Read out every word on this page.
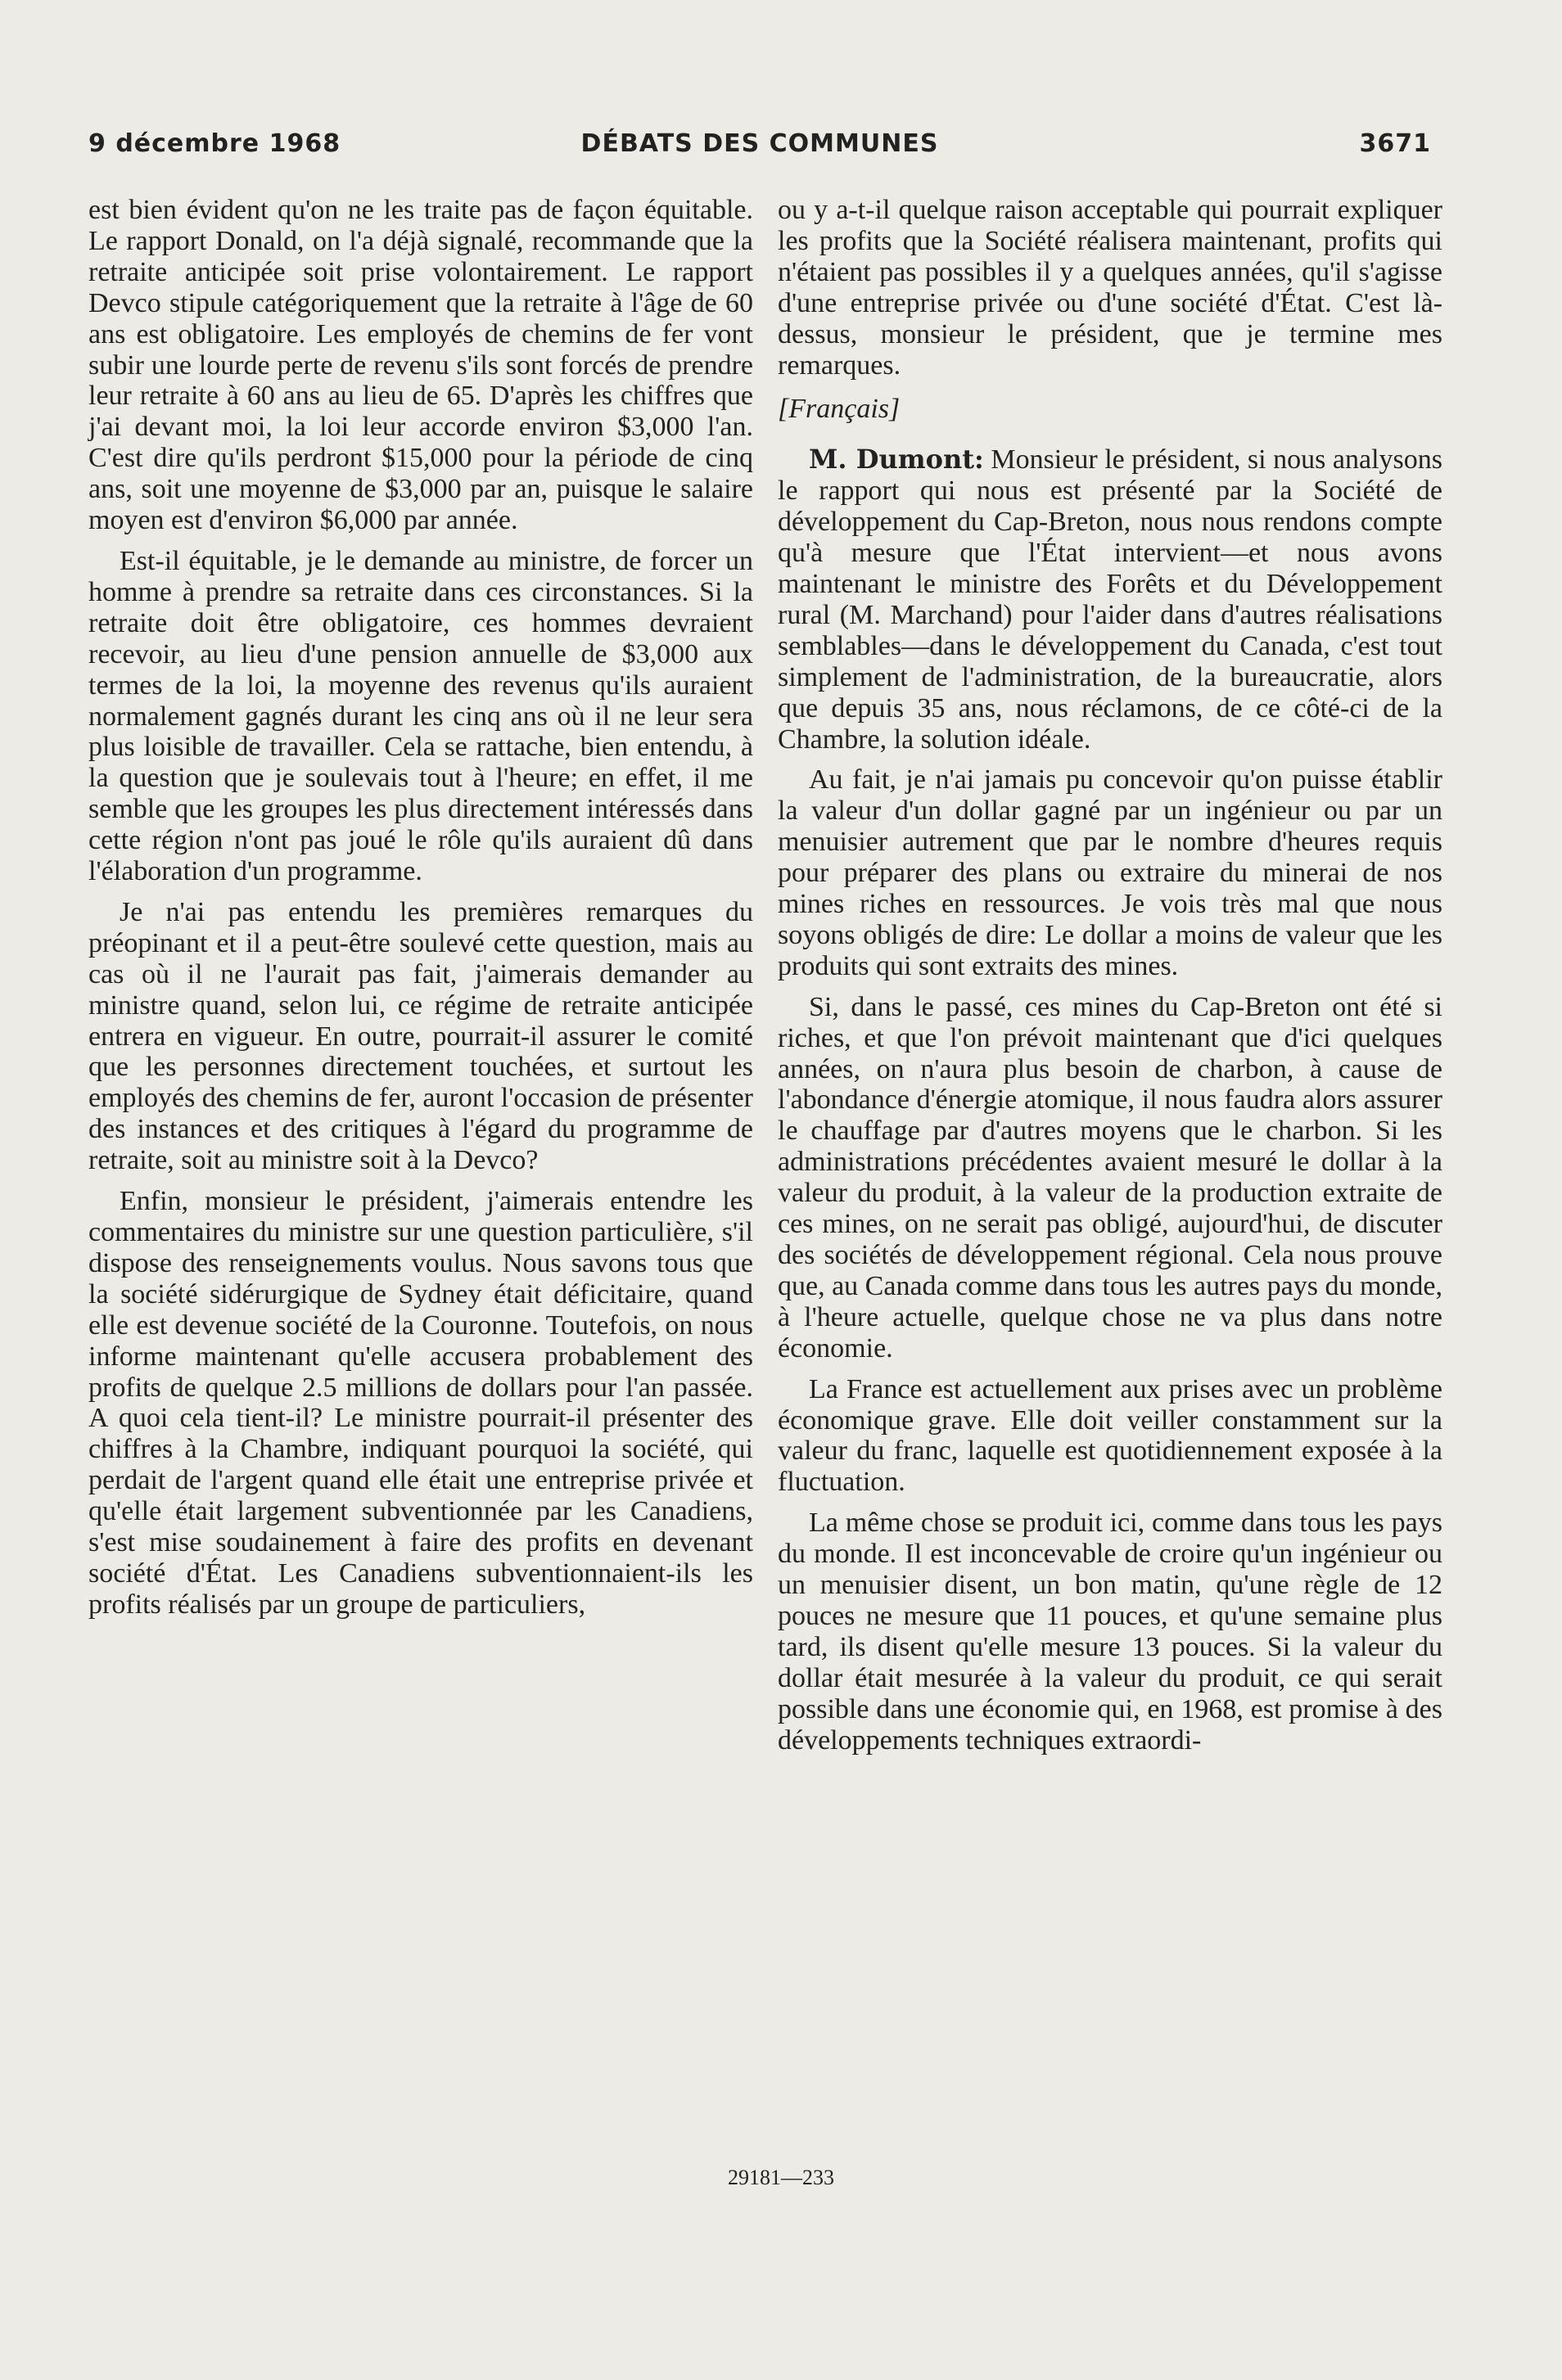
9 décembre 1968	DÉBATS DES COMMUNES	3671

est bien évident qu'on ne les traite pas de façon équitable. Le rapport Donald, on l'a déjà signalé, recommande que la retraite anticipée soit prise volontairement. Le rapport Devco stipule catégoriquement que la retraite à l'âge de 60 ans est obligatoire. Les employés de chemins de fer vont subir une lourde perte de revenu s'ils sont forcés de prendre leur retraite à 60 ans au lieu de 65. D'après les chiffres que j'ai devant moi, la loi leur accorde environ $3,000 l'an. C'est dire qu'ils perdront $15,000 pour la période de cinq ans, soit une moyenne de $3,000 par an, puisque le salaire moyen est d'environ $6,000 par année.

Est-il équitable, je le demande au ministre, de forcer un homme à prendre sa retraite dans ces circonstances. Si la retraite doit être obligatoire, ces hommes devraient recevoir, au lieu d'une pension annuelle de $3,000 aux termes de la loi, la moyenne des revenus qu'ils auraient normalement gagnés durant les cinq ans où il ne leur sera plus loisible de travailler. Cela se rattache, bien entendu, à la question que je soulevais tout à l'heure; en effet, il me semble que les groupes les plus directement intéressés dans cette région n'ont pas joué le rôle qu'ils auraient dû dans l'élaboration d'un programme.

Je n'ai pas entendu les premières remarques du préopinant et il a peut-être soulevé cette question, mais au cas où il ne l'aurait pas fait, j'aimerais demander au ministre quand, selon lui, ce régime de retraite anticipée entrera en vigueur. En outre, pourrait-il assurer le comité que les personnes directement touchées, et surtout les employés des chemins de fer, auront l'occasion de présenter des instances et des critiques à l'égard du programme de retraite, soit au ministre soit à la Devco?

Enfin, monsieur le président, j'aimerais entendre les commentaires du ministre sur une question particulière, s'il dispose des renseignements voulus. Nous savons tous que la société sidérurgique de Sydney était déficitaire, quand elle est devenue société de la Couronne. Toutefois, on nous informe maintenant qu'elle accusera probablement des profits de quelque 2.5 millions de dollars pour l'an passée. A quoi cela tient-il? Le ministre pourrait-il présenter des chiffres à la Chambre, indiquant pourquoi la société, qui perdait de l'argent quand elle était une entreprise privée et qu'elle était largement subventionnée par les Canadiens, s'est mise soudainement à faire des profits en devenant société d'État. Les Canadiens subventionnaient-ils les profits réalisés par un groupe de particuliers,

ou y a-t-il quelque raison acceptable qui pourrait expliquer les profits que la Société réalisera maintenant, profits qui n'étaient pas possibles il y a quelques années, qu'il s'agisse d'une entreprise privée ou d'une société d'État. C'est là-dessus, monsieur le président, que je termine mes remarques.

[Français]

M. Dumont: Monsieur le président, si nous analysons le rapport qui nous est présenté par la Société de développement du Cap-Breton, nous nous rendons compte qu'à mesure que l'État intervient—et nous avons maintenant le ministre des Forêts et du Développement rural (M. Marchand) pour l'aider dans d'autres réalisations semblables—dans le développement du Canada, c'est tout simplement de l'administration, de la bureaucratie, alors que depuis 35 ans, nous réclamons, de ce côté-ci de la Chambre, la solution idéale.

Au fait, je n'ai jamais pu concevoir qu'on puisse établir la valeur d'un dollar gagné par un ingénieur ou par un menuisier autrement que par le nombre d'heures requis pour préparer des plans ou extraire du minerai de nos mines riches en ressources. Je vois très mal que nous soyons obligés de dire: Le dollar a moins de valeur que les produits qui sont extraits des mines.

Si, dans le passé, ces mines du Cap-Breton ont été si riches, et que l'on prévoit maintenant que d'ici quelques années, on n'aura plus besoin de charbon, à cause de l'abondance d'énergie atomique, il nous faudra alors assurer le chauffage par d'autres moyens que le charbon. Si les administrations précédentes avaient mesuré le dollar à la valeur du produit, à la valeur de la production extraite de ces mines, on ne serait pas obligé, aujourd'hui, de discuter des sociétés de développement régional. Cela nous prouve que, au Canada comme dans tous les autres pays du monde, à l'heure actuelle, quelque chose ne va plus dans notre économie.

La France est actuellement aux prises avec un problème économique grave. Elle doit veiller constamment sur la valeur du franc, laquelle est quotidiennement exposée à la fluctuation.

La même chose se produit ici, comme dans tous les pays du monde. Il est inconcevable de croire qu'un ingénieur ou un menuisier disent, un bon matin, qu'une règle de 12 pouces ne mesure que 11 pouces, et qu'une semaine plus tard, ils disent qu'elle mesure 13 pouces. Si la valeur du dollar était mesurée à la valeur du produit, ce qui serait possible dans une économie qui, en 1968, est promise à des développements techniques extraordi-

29181—233
